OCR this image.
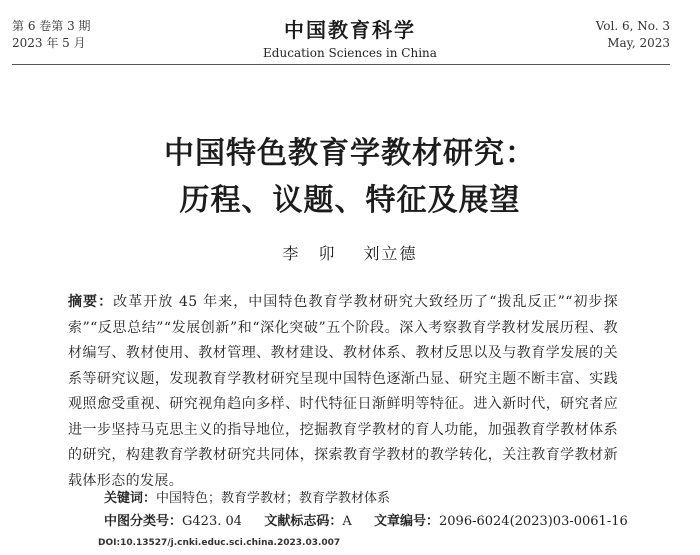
第 6 卷第 3 期
2023 年 5 月
中国教育科学
Education Sciences in China
Vol. 6, No. 3
May, 2023
中国特色教育学教材研究：
历程、议题、特征及展望
李　卯 刘立德
摘要：改革开放 45 年来，中国特色教育学教材研究大致经历了“拨乱反正”“初步探索”“反思总结”“发展创新”和“深化突破”五个阶段。深入考察教育学教材发展历程、教材编写、教材使用、教材管理、教材建设、教材体系、教材反思以及与教育学发展的关系等研究议题，发现教育学教材研究呈现中国特色逐渐凸显、研究主题不断丰富、实践观照愈受重视、研究视角趋向多样、时代特征日渐鲜明等特征。进入新时代，研究者应进一步坚持马克思主义的指导地位，挖掘教育学教材的育人功能，加强教育学教材体系的研究，构建教育学教材研究共同体，探索教育学教材的教学转化，关注教育学教材新载体形态的发展。
关键词：中国特色；教育学教材；教育学教材体系
中图分类号：G423. 04 文献标志码：A 文章编号：2096-6024(2023)03-0061-16
DOI:10.13527/j.cnki.educ.sci.china.2023.03.007
